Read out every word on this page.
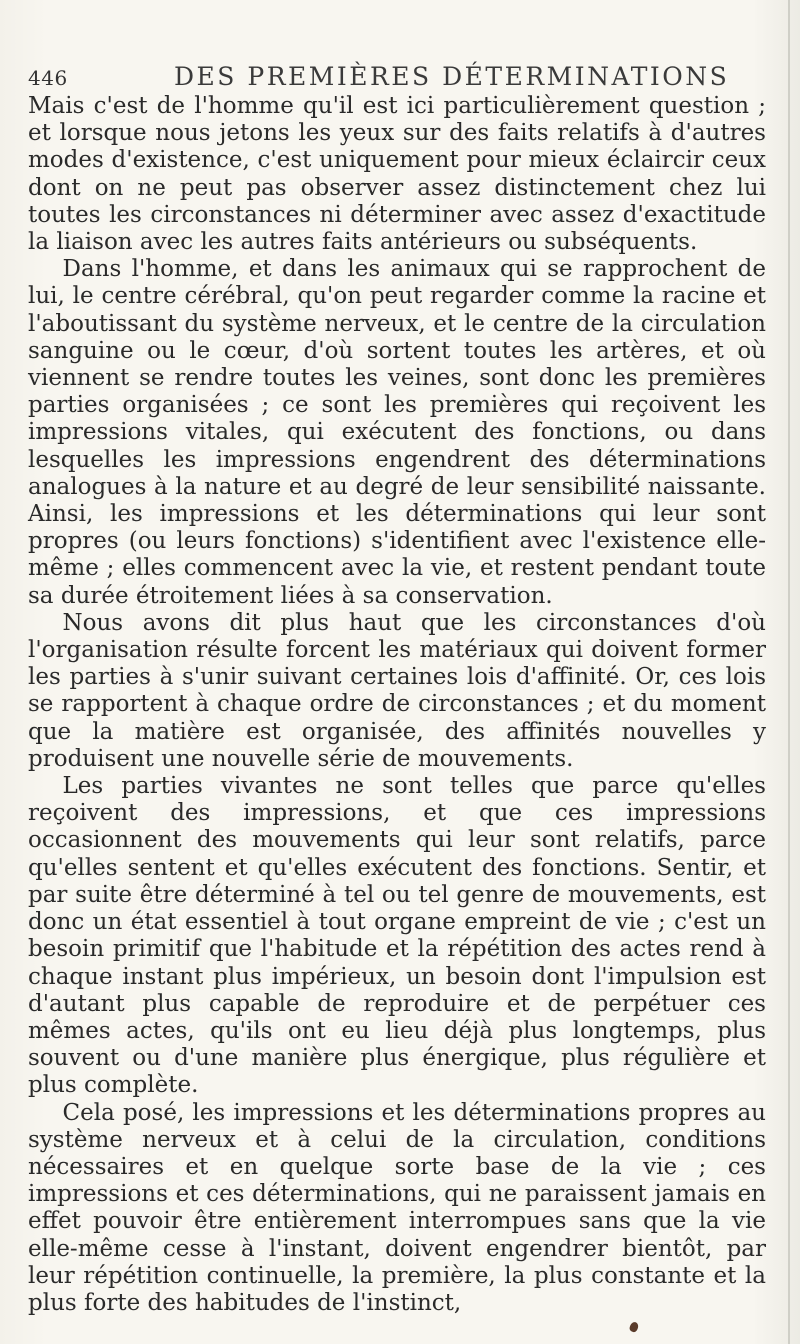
446	DES PREMIÈRES DÉTERMINATIONS

Mais c'est de l'homme qu'il est ici particulièrement question ; et lorsque nous jetons les yeux sur des faits relatifs à d'autres modes d'existence, c'est uniquement pour mieux éclaircir ceux dont on ne peut pas observer assez distinctement chez lui toutes les circonstances ni déterminer avec assez d'exactitude la liaison avec les autres faits antérieurs ou subséquents.

Dans l'homme, et dans les animaux qui se rapprochent de lui, le centre cérébral, qu'on peut regarder comme la racine et l'aboutissant du système nerveux, et le centre de la circulation sanguine ou le cœur, d'où sortent toutes les artères, et où viennent se rendre toutes les veines, sont donc les premières parties organisées ; ce sont les premières qui reçoivent les impressions vitales, qui exécutent des fonctions, ou dans lesquelles les impressions engendrent des déterminations analogues à la nature et au degré de leur sensibilité naissante. Ainsi, les impressions et les déterminations qui leur sont propres (ou leurs fonctions) s'identifient avec l'existence elle-même ; elles commencent avec la vie, et restent pendant toute sa durée étroitement liées à sa conservation.

Nous avons dit plus haut que les circonstances d'où l'organisation résulte forcent les matériaux qui doivent former les parties à s'unir suivant certaines lois d'affinité. Or, ces lois se rapportent à chaque ordre de circonstances ; et du moment que la matière est organisée, des affinités nouvelles y produisent une nouvelle série de mouvements.

Les parties vivantes ne sont telles que parce qu'elles reçoivent des impressions, et que ces impressions occasionnent des mouvements qui leur sont relatifs, parce qu'elles sentent et qu'elles exécutent des fonctions. Sentir, et par suite être déterminé à tel ou tel genre de mouvements, est donc un état essentiel à tout organe empreint de vie ; c'est un besoin primitif que l'habitude et la répétition des actes rend à chaque instant plus impérieux, un besoin dont l'impulsion est d'autant plus capable de reproduire et de perpétuer ces mêmes actes, qu'ils ont eu lieu déjà plus longtemps, plus souvent ou d'une manière plus énergique, plus régulière et plus complète.

Cela posé, les impressions et les déterminations propres au système nerveux et à celui de la circulation, conditions nécessaires et en quelque sorte base de la vie ; ces impressions et ces déterminations, qui ne paraissent jamais en effet pouvoir être entièrement interrompues sans que la vie elle-même cesse à l'instant, doivent engendrer bientôt, par leur répétition continuelle, la première, la plus constante et la plus forte des habitudes de l'instinct,
